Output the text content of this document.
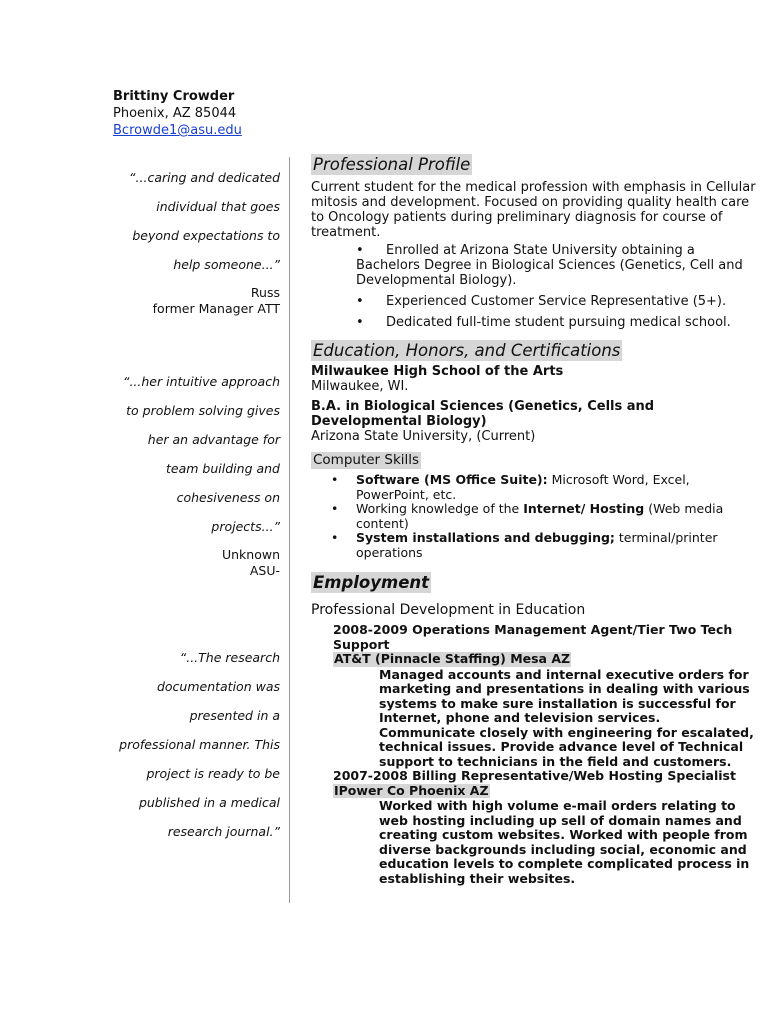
Brittiny Crowder
Phoenix, AZ 85044
Bcrowde1@asu.edu

“...caring and dedicated

individual that goes

beyond expectations to

help someone...”

Russ
former Manager ATT

“...her intuitive approach

to problem solving gives

her an advantage for

team building and

cohesiveness on

projects...”

Unknown
ASU-

“...The research

documentation was

presented in a

professional manner. This

project is ready to be

published in a medical

research journal.”

Professional Profile

Current student for the medical profession with emphasis in Cellular mitosis and development. Focused on providing quality health care to Oncology patients during preliminary diagnosis for course of treatment.

•	Enrolled at Arizona State University obtaining a Bachelors Degree in Biological Sciences (Genetics, Cell and Developmental Biology).
• Experienced Customer Service Representative (5+).
• Dedicated full-time student pursuing medical school.
Education, Honors, and Certifications

Milwaukee High School of the Arts

Milwaukee, WI.

B.A. in Biological Sciences (Genetics, Cells and Developmental Biology)

Arizona State University, (Current)

Computer Skills
• Software (MS Office Suite): Microsoft Word, Excel, PowerPoint, etc.
• Working knowledge of the Internet/ Hosting (Web media content)
• System installations and debugging; terminal/printer operations
Employment

Professional Development in Education

2008-2009 Operations Management Agent/Tier Two Tech Support

AT&T (Pinnacle Staffing) Mesa AZ

Managed accounts and internal executive orders for marketing and presentations in dealing with various systems to make sure installation is successful for Internet, phone and television services. Communicate closely with engineering for escalated, technical issues. Provide advance level of Technical support to technicians in the field and customers.

2007-2008 Billing Representative/Web Hosting Specialist

IPower Co Phoenix AZ

Worked with high volume e-mail orders relating to web hosting including up sell of domain names and creating custom websites. Worked with people from diverse backgrounds including social, economic and education levels to complete complicated process in establishing their websites.
